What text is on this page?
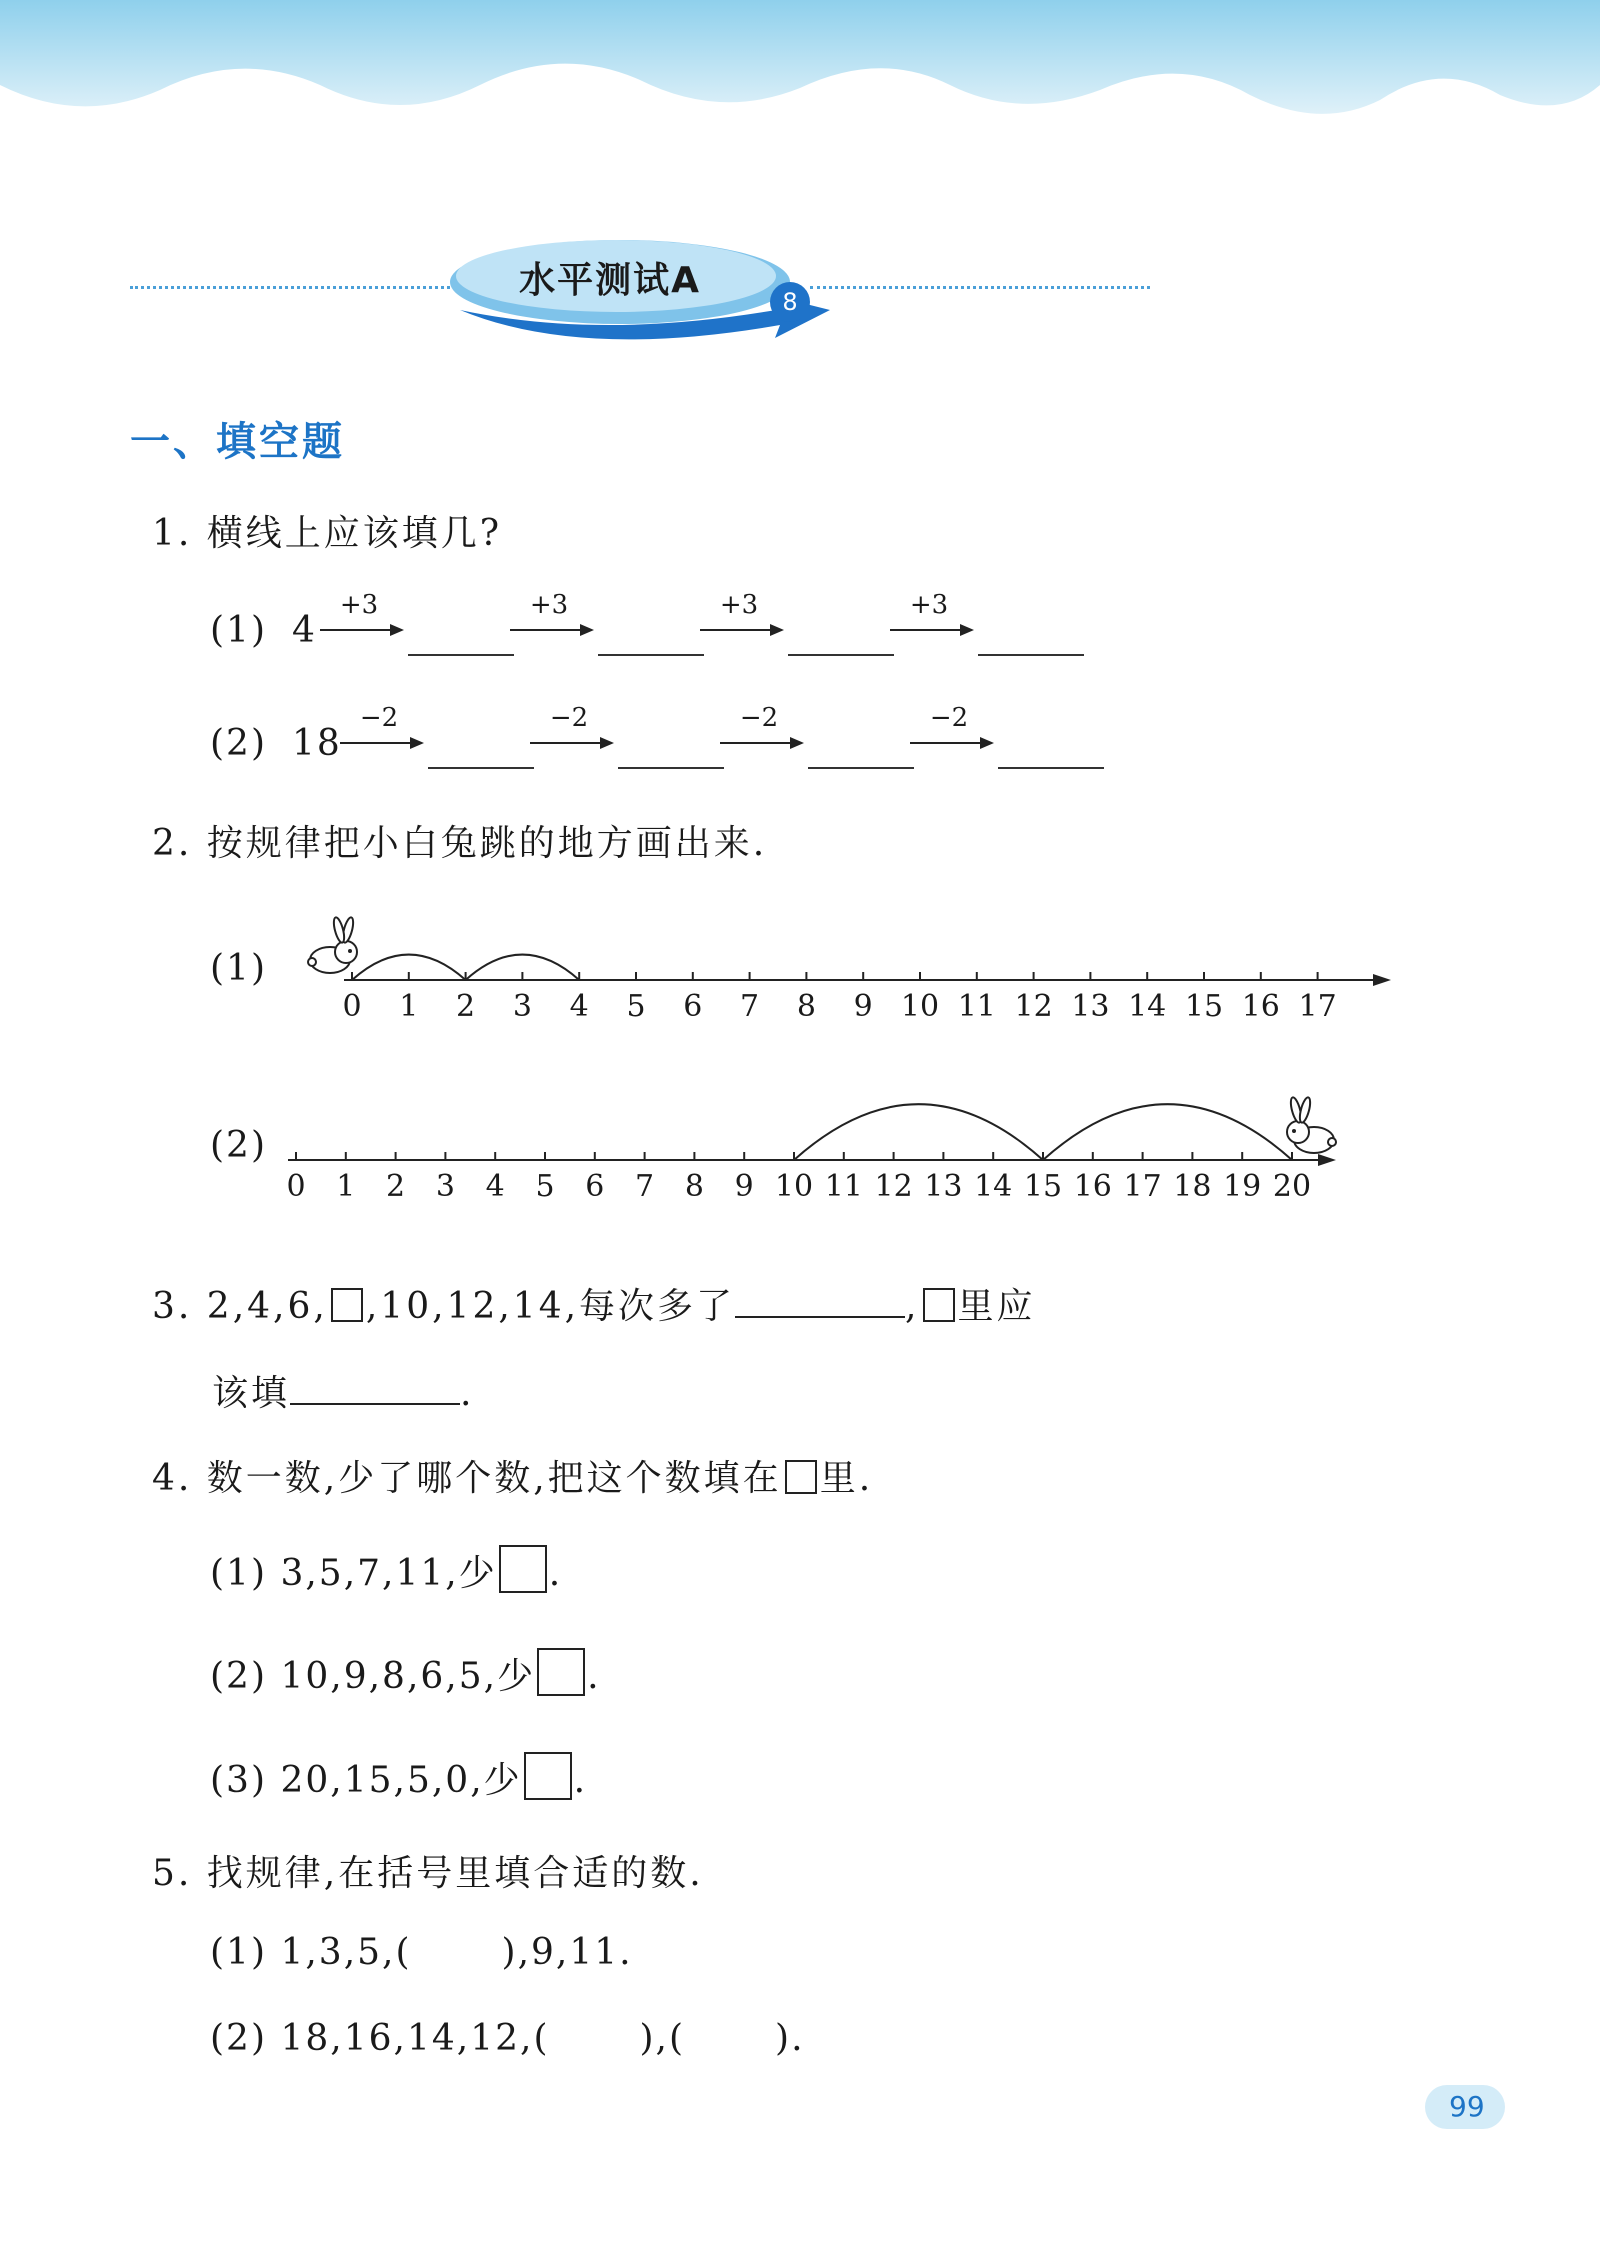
水平测试A
8
一、填空题
1. 横线上应该填几?
(1) 4
+3	+3	+3	+3
(2) 18
−2	−2	−2	−2
2. 按规律把小白兔跳的地方画出来.
(1)
0 1 2 3 4 5 6 7 8 9 10 11 12 13 14 15 16 17
(2)
0 1 2 3 4 5 6 7 8 9 10 11 12 13 14 15 16 17 18 19 20
3. 2,4,6, ,10,12,14,每次多了	, 里应
该填	.
4. 数一数,少了哪个数,把这个数填在 里.
(1) 3,5,7,11,少 .
(2) 10,9,8,6,5,少 .
(3) 20,15,5,0,少 .
5. 找规律,在括号里填合适的数.
(1) 1,3,5,(	),9,11.
(2) 18,16,14,12,(	),(	).
99
